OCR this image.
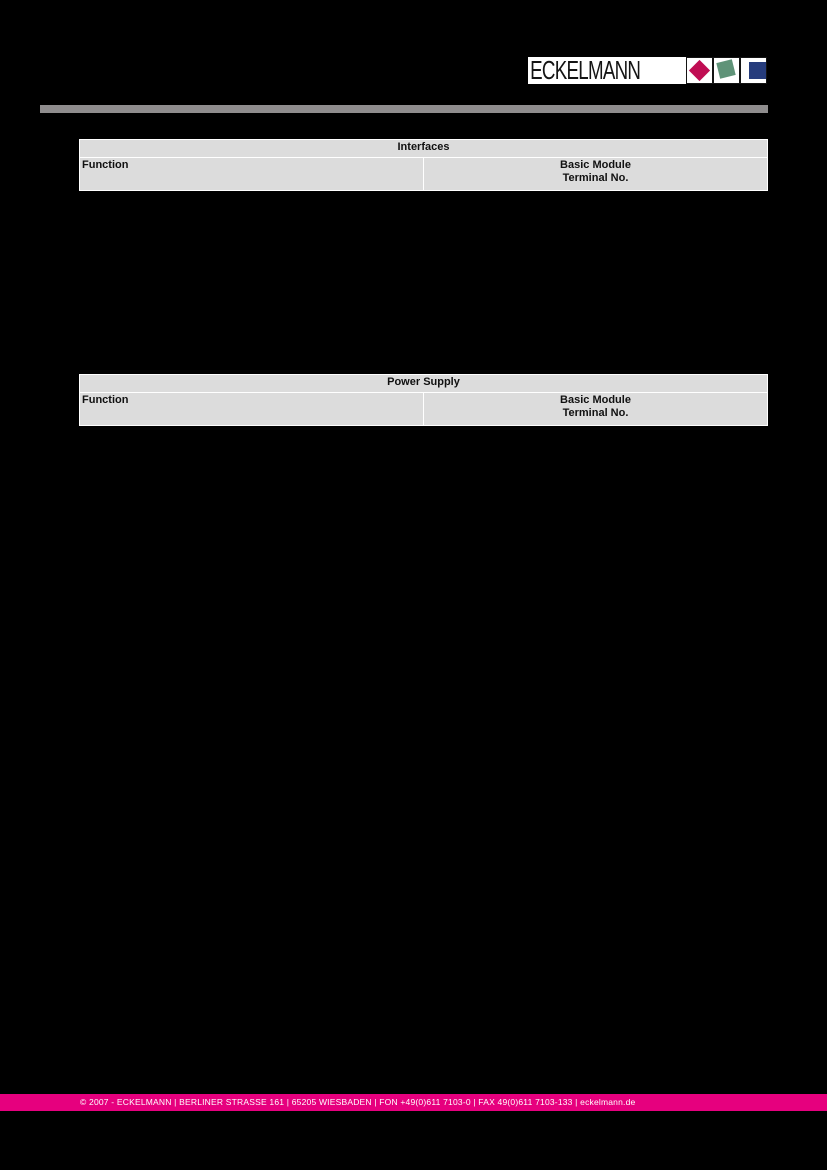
ECKELMANN
Interfaces
Function	Basic Module
Terminal No.
Power Supply
Function	Basic Module
Terminal No.
© 2007 - ECKELMANN | BERLINER STRASSE 161 | 65205 WIESBADEN | FON +49(0)611 7103-0 | FAX 49(0)611 7103-133 | eckelmann.de
